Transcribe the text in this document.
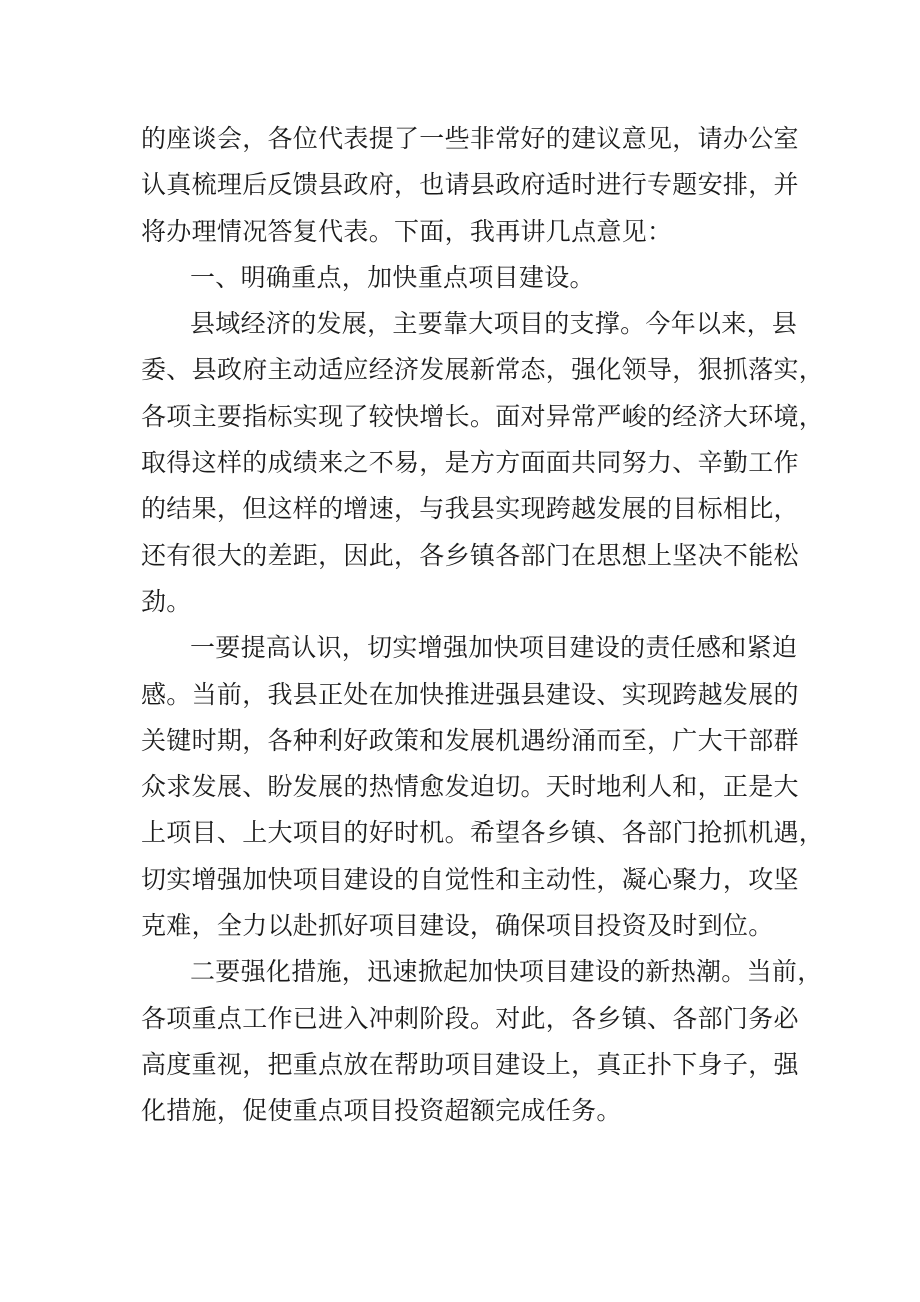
的座谈会，各位代表提了一些非常好的建议意见，请办公室
认真梳理后反馈县政府，也请县政府适时进行专题安排，并
将办理情况答复代表。下面，我再讲几点意见：
一、明确重点，加快重点项目建设。
县域经济的发展，主要靠大项目的支撑。今年以来，县
委、县政府主动适应经济发展新常态，强化领导，狠抓落实，
各项主要指标实现了较快增长。面对异常严峻的经济大环境，
取得这样的成绩来之不易，是方方面面共同努力、辛勤工作
的结果，但这样的增速，与我县实现跨越发展的目标相比，
还有很大的差距，因此，各乡镇各部门在思想上坚决不能松
劲。
一要提高认识，切实增强加快项目建设的责任感和紧迫
感。当前，我县正处在加快推进强县建设、实现跨越发展的
关键时期，各种利好政策和发展机遇纷涌而至，广大干部群
众求发展、盼发展的热情愈发迫切。天时地利人和，正是大
上项目、上大项目的好时机。希望各乡镇、各部门抢抓机遇，
切实增强加快项目建设的自觉性和主动性，凝心聚力，攻坚
克难，全力以赴抓好项目建设，确保项目投资及时到位。
二要强化措施，迅速掀起加快项目建设的新热潮。当前，
各项重点工作已进入冲刺阶段。对此，各乡镇、各部门务必
高度重视，把重点放在帮助项目建设上，真正扑下身子，强
化措施，促使重点项目投资超额完成任务。
